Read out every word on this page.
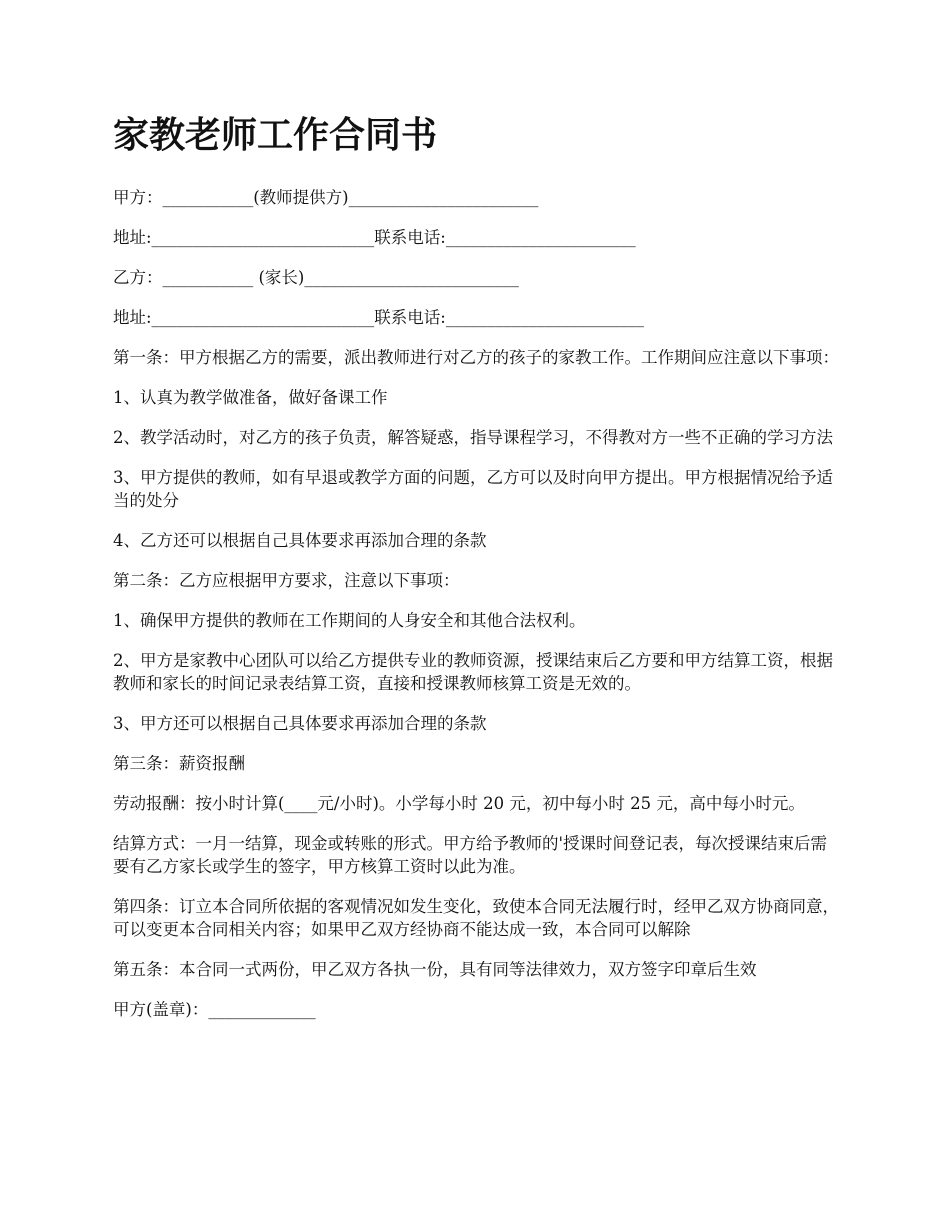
家教老师工作合同书

甲方：___________(教师提供方)_______________________

地址:___________________________联系电话:_______________________

乙方：___________ (家长)__________________________

地址:___________________________联系电话:________________________

第一条：甲方根据乙方的需要，派出教师进行对乙方的孩子的家教工作。工作期间应注意以下事项：

1、认真为教学做准备，做好备课工作

2、教学活动时，对乙方的孩子负责，解答疑惑，指导课程学习，不得教对方一些不正确的学习方法

3、甲方提供的教师，如有早退或教学方面的问题，乙方可以及时向甲方提出。甲方根据情况给予适当的处分

4、乙方还可以根据自己具体要求再添加合理的条款

第二条：乙方应根据甲方要求，注意以下事项：

1、确保甲方提供的教师在工作期间的人身安全和其他合法权利。

2、甲方是家教中心团队可以给乙方提供专业的教师资源，授课结束后乙方要和甲方结算工资，根据教师和家长的时间记录表结算工资，直接和授课教师核算工资是无效的。

3、甲方还可以根据自己具体要求再添加合理的条款

第三条：薪资报酬

劳动报酬：按小时计算(____元/小时)。小学每小时 20 元，初中每小时 25 元，高中每小时元。

结算方式：一月一结算，现金或转账的形式。甲方给予教师的'授课时间登记表，每次授课结束后需要有乙方家长或学生的签字，甲方核算工资时以此为准。

第四条：订立本合同所依据的客观情况如发生变化，致使本合同无法履行时，经甲乙双方协商同意，可以变更本合同相关内容；如果甲乙双方经协商不能达成一致，本合同可以解除

第五条：本合同一式两份，甲乙双方各执一份，具有同等法律效力，双方签字印章后生效

甲方(盖章)：_____________
